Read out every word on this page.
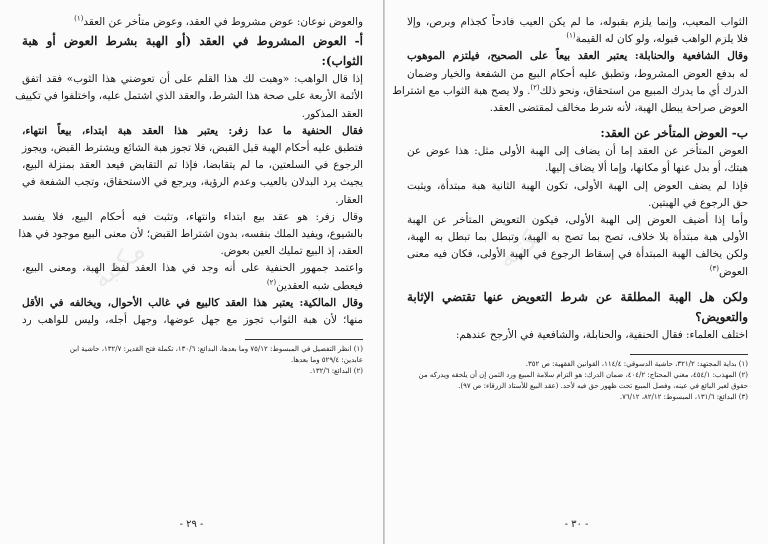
مكتبة
والعوض نوعان: عوض مشروط في العقد، وعوض متأخر عن العقد$^{(١)}$
أ- العوض المشروط في العقد (أو الهبة بشرط العوض أو هبة
الثواب):
إذا قال الواهب: «وهبت لك هذا القلم على أن تعوضني هذا الثوب» فقد اتفق
الأئمة الأربعة على صحة هذا الشرط، والعقد الذي اشتمل عليه، واختلفوا في تكييف
العقد المذكور.
فقال الحنفية ما عدا زفر: يعتبر هذا العقد هبة ابتداء، بيعاً انتهاء،
فتطبق عليه أحكام الهبة قبل القبض، فلا تجوز هبة الشائع ويشترط القبض، ويجوز
الرجوع في السلعتين، ما لم يتقابضا، فإذا تم التقابض فيعد العقد بمنزلة البيع،
يجيث يرد البدلان بالعيب وعدم الرؤية، ويرجع في الاستحقاق، وتجب الشفعة في
العقار.
وقال زفر: هو عقد بيع ابتداء وانتهاء، وتثبت فيه أحكام البيع، فلا يفسد
بالشيوع، ويفيد الملك بنفسه، بدون اشتراط القبض؛ لأن معنى البيع موجود في هذا
العقد، إذ البيع تمليك العين بعوض.
واعتمد جمهور الحنفية على أنه وجد في هذا العقد لفظ الهبة، ومعنى البيع،
فيعطى شبه العقدين$^{(٢)}$
وقال المالكية: يعتبر هذا العقد كالبيع في غالب الأحوال، ويخالفه في الأقل
منها؛ لأن هبة الثواب تجوز مع جهل عوضها، وجهل أجله، وليس للواهب رد
(١) انظر التفصيل في المبسوط: ٧٥/١٢ وما بعدها، البدائع: ١٣٠/٦، تكملة فتح القدير: ١٣٢/٧، حاشية ابن
عابدين: ٥٢٩/٤ وما بعدها.
(٢) البدائع: ١٣٢/٦.
- ٢٩ -
مكتبة
الثواب المعيب، وإنما يلزم بقبوله، ما لم يكن العيب فادحاً كجذام وبرص، وإلا
فلا يلزم الواهب قبوله، ولو كان له القيمة$^{(١)}$
وقال الشافعية والحنابلة: يعتبر العقد بيعاً على الصحيح، فيلتزم الموهوب
له بدفع العوض المشروط، وتطبق عليه أحكام البيع من الشفعة والخيار وضمان
الدرك أي ما يدرك المبيع من استحقاق، ونحو ذلك$^{(٢)}$. ولا يصح هبة الثواب مع اشتراط
العوض صراحة يبطل الهبة، لأنه شرط مخالف لمقتضى العقد.
ب- العوض المتأخر عن العقد:
العوض المتأخر عن العقد إما أن يضاف إلى الهبة الأولى مثل: هذا عوض عن
هبتك، أو بدل عنها أو مكانها، وإما ألا يضاف إليها.
فإذا لم يضف العوض إلى الهبة الأولى، تكون الهبة الثانية هبة مبتدأة، ويثبت
حق الرجوع في الهبتين.
وأما إذا أضيف العوض إلى الهبة الأولى، فيكون التعويض المتأخر عن الهبة
الأولى هبة مبتدأة بلا خلاف، تصح بما تصح به الهبة، وتبطل بما تبطل به الهبة،
ولكن يخالف الهبة المبتدأة في إسقاط الرجوع في الهبة الأولى، فكان فيه معنى
العوض$^{(٣)}$
ولكن هل الهبة المطلقة عن شرط التعويض عنها تقتضي الإثابة
والتعويض؟
اختلف العلماء: فقال الحنفية، والحنابلة، والشافعية في الأرجح عندهم:
(١) بداية المجتهد: ٣٢١/٢، حاشية الدسوقي: ١١٤/٤، القوانين الفقهية: ص ٣٥٢.
(٢) المهذب: ٤٥٤/١، مغني المحتاج: ٤٠٤/٢، ضمان الدرك: هو التزام سلامة المبيع ورد الثمن إن أن يلحقه ويدركه من
حقوق لغير البائع في عينه، وفصل المبيع تحت ظهور حق فيه لأحد. (عقد البيع للأستاذ الزرقاء: ص ٩٧).
(٣) البدائع: ١٣١/٦، المبسوط: ٨٢/١٢، ٧٦/١٢.
- ٣٠ -
